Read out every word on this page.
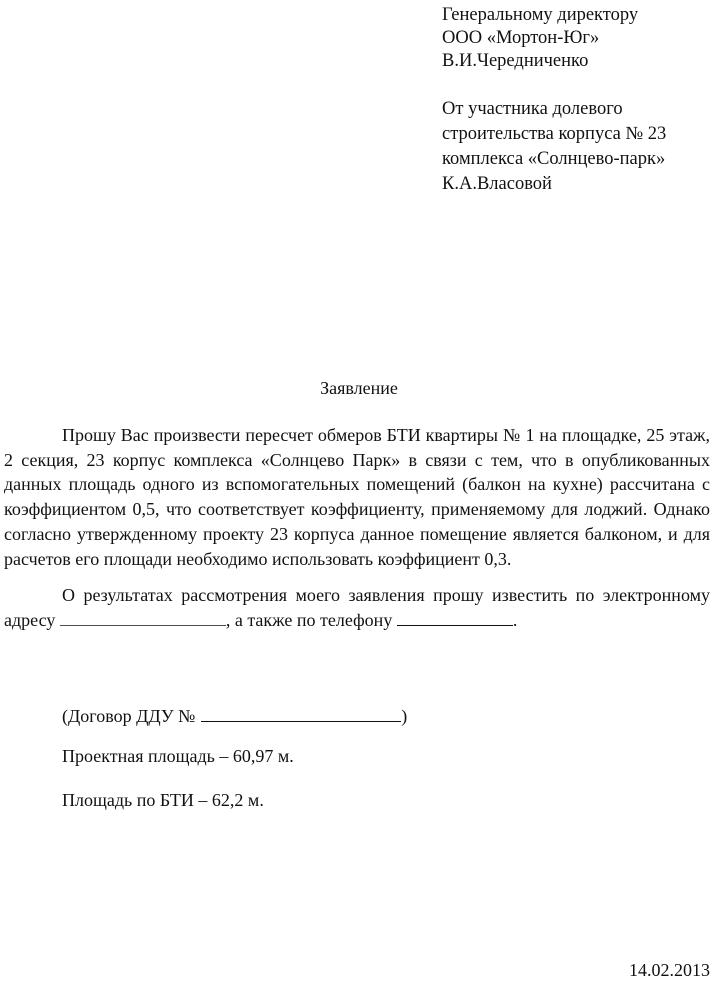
Генеральному директору
ООО «Мортон-Юг»
В.И.Чередниченко
От участника долевого
строительства корпуса № 23
комплекса «Солнцево-парк»
К.А.Власовой
Заявление

Прошу Вас произвести пересчет обмеров БТИ квартиры № 1 на площадке, 25 этаж, 2 секция, 23 корпус комплекса «Солнцево Парк» в связи с тем, что в опубликованных данных площадь одного из вспомогательных помещений (балкон на кухне) рассчитана с коэффициентом 0,5, что соответствует коэффициенту, применяемому для лоджий. Однако согласно утвержденному проекту 23 корпуса данное помещение является балконом, и для расчетов его площади необходимо использовать коэффициент 0,3.

О результатах рассмотрения моего заявления прошу известить по электронному адресу	, а также по телефону	.

(Договор ДДУ №	)
Проектная площадь – 60,97 м.
Площадь по БТИ – 62,2 м.
14.02.2013
